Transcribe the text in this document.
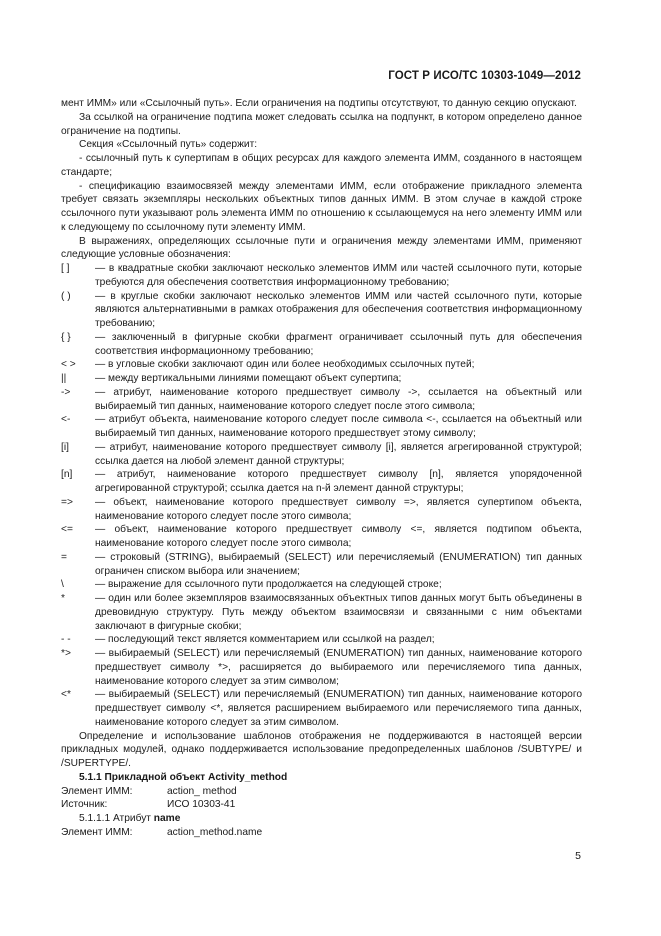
ГОСТ Р ИСО/ТС 10303-1049—2012

мент ИММ» или «Ссылочный путь». Если ограничения на подтипы отсутствуют, то данную секцию опускают.

За ссылкой на ограничение подтипа может следовать ссылка на подпункт, в котором определено данное ограничение на подтипы.

Секция «Ссылочный путь» содержит:

- ссылочный путь к супертипам в общих ресурсах для каждого элемента ИММ, созданного в настоящем стандарте;

- спецификацию взаимосвязей между элементами ИММ, если отображение прикладного элемента требует связать экземпляры нескольких объектных типов данных ИММ. В этом случае в каждой строке ссылочного пути указывают роль элемента ИММ по отношению к ссылающемуся на него элементу ИММ или к следующему по ссылочному пути элементу ИММ.

В выражениях, определяющих ссылочные пути и ограничения между элементами ИММ, применяют следующие условные обозначения:

[ ]	— в квадратные скобки заключают несколько элементов ИММ или частей ссылочного пути, которые требуются для обеспечения соответствия информационному требованию;
( )	— в круглые скобки заключают несколько элементов ИММ или частей ссылочного пути, которые являются альтернативными в рамках отображения для обеспечения соответствия информационному требованию;
{ }	— заключенный в фигурные скобки фрагмент ограничивает ссылочный путь для обеспечения соответствия информационному требованию;
< >	— в угловые скобки заключают один или более необходимых ссылочных путей;
||	— между вертикальными линиями помещают объект супертипа;
->	— атрибут, наименование которого предшествует символу ->, ссылается на объектный или выбираемый тип данных, наименование которого следует после этого символа;
<-	— атрибут объекта, наименование которого следует после символа <-, ссылается на объектный или выбираемый тип данных, наименование которого предшествует этому символу;
[i]	— атрибут, наименование которого предшествует символу [i], является агрегированной структурой; ссылка дается на любой элемент данной структуры;
[n]	— атрибут, наименование которого предшествует символу [n], является упорядоченной агрегированной структурой; ссылка дается на n-й элемент данной структуры;
=>	— объект, наименование которого предшествует символу =>, является супертипом объекта, наименование которого следует после этого символа;
<=	— объект, наименование которого предшествует символу <=, является подтипом объекта, наименование которого следует после этого символа;
=	— строковый (STRING), выбираемый (SELECT) или перечисляемый (ENUMERATION) тип данных ограничен списком выбора или значением;
\	— выражение для ссылочного пути продолжается на следующей строке;
*	— один или более экземпляров взаимосвязанных объектных типов данных могут быть объединены в древовидную структуру. Путь между объектом взаимосвязи и связанными с ним объектами заключают в фигурные скобки;
- -	— последующий текст является комментарием или ссылкой на раздел;
*>	— выбираемый (SELECT) или перечисляемый (ENUMERATION) тип данных, наименование которого предшествует символу *>, расширяется до выбираемого или перечисляемого типа данных, наименование которого следует за этим символом;
<*	— выбираемый (SELECT) или перечисляемый (ENUMERATION) тип данных, наименование которого предшествует символу <*, является расширением выбираемого или перечисляемого типа данных, наименование которого следует за этим символом.

Определение и использование шаблонов отображения не поддерживаются в настоящей версии прикладных модулей, однако поддерживается использование предопределенных шаблонов /SUBTYPE/ и /SUPERTYPE/.

5.1.1 Прикладной объект Activity_method
Элемент ИММ:	action_ method
Источник:	ИСО 10303-41
5.1.1.1 Атрибут name
Элемент ИММ:	action_method.name
5
